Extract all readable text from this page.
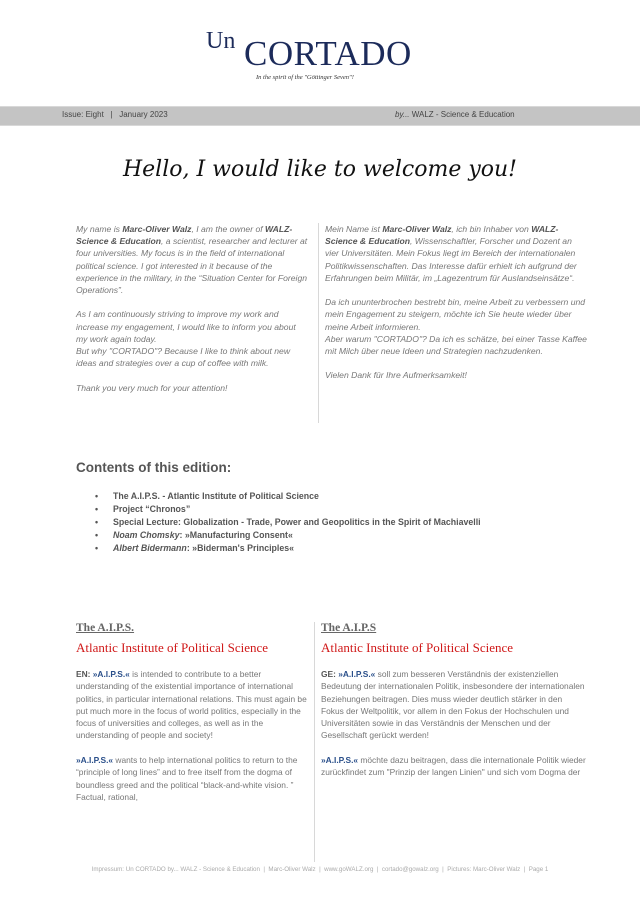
Un CORTADO
In the spirit of the "Göttinger Seven"!
Issue: Eight   |   January 2023	by... WALZ - Science & Education
Hello, I would like to welcome you!

My name is Marc-Oliver Walz, I am the owner of WALZ- Science & Education, a scientist, researcher and lecturer at four universities. My focus is in the field of international political science. I got interested in it because of the experience in the military, in the “Situation Center for Foreign Operations”.

As I am continuously striving to improve my work and increase my engagement, I would like to inform you about my work again today.
But why "CORTADO"? Because I like to think about new ideas and strategies over a cup of coffee with milk.

Thank you very much for your attention!

Mein Name ist Marc-Oliver Walz, ich bin Inhaber von WALZ- Science & Education, Wissenschaftler, Forscher und Dozent an vier Universitäten. Mein Fokus liegt im Bereich der internationalen Politikwissenschaften. Das Interesse dafür erhielt ich aufgrund der Erfahrungen beim Militär, im „Lagezentrum für Auslandseinsätze“.

Da ich ununterbrochen bestrebt bin, meine Arbeit zu verbessern und mein Engagement zu steigern, möchte ich Sie heute wieder über meine Arbeit informieren.
Aber warum "CORTADO"? Da ich es schätze, bei einer Tasse Kaffee mit Milch über neue Ideen und Strategien nachzudenken.

Vielen Dank für Ihre Aufmerksamkeit!

Contents of this edition:
• The A.I.P.S. - Atlantic Institute of Political Science
• Project “Chronos”
• Special Lecture: Globalization - Trade, Power and Geopolitics in the Spirit of Machiavelli
• Noam Chomsky: »Manufacturing Consent«
• Albert Bidermann: »Biderman's Principles«

The A.I.P.S.

Atlantic Institute of Political Science

EN: »A.I.P.S.« is intended to contribute to a better understanding of the existential importance of international politics, in particular international relations. This must again be put much more in the focus of world politics, especially in the focus of universities and colleges, as well as in the understanding of people and society!

»A.I.P.S.« wants to help international politics to return to the “principle of long lines” and to free itself from the dogma of boundless greed and the political “black-and-white vision. ” Factual, rational,

The A.I.P.S

Atlantic Institute of Political Science

GE: »A.I.P.S.« soll zum besseren Verständnis der existenziellen Bedeutung der internationalen Politik, insbesondere der internationalen Beziehungen beitragen. Dies muss wieder deutlich stärker in den Fokus der Weltpolitik, vor allem in den Fokus der Hochschulen und Universitäten sowie in das Verständnis der Menschen und der Gesellschaft gerückt werden!

»A.I.P.S.« möchte dazu beitragen, dass die internationale Politik wieder zurückfindet zum "Prinzip der langen Linien" und sich vom Dogma der

Impressum: Un CORTADO by... WALZ - Science & Education  |  Marc-Oliver Walz  |  www.goWALZ.org  |  cortado@gowalz.org  |  Pictures: Marc-Oliver Walz  |  Page 1
